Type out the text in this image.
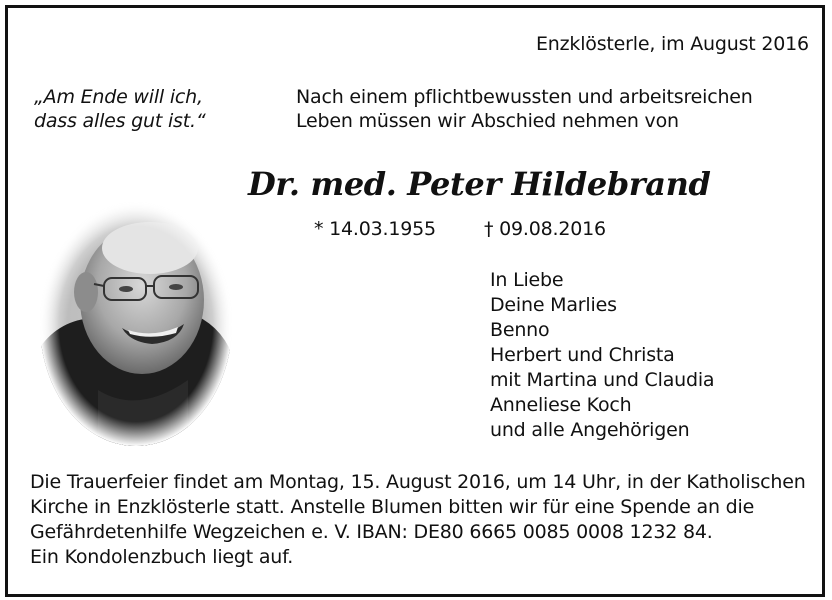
Enzklösterle, im August 2016
„Am Ende will ich,
dass alles gut ist.“
Nach einem pflichtbewussten und arbeitsreichen
Leben müssen wir Abschied nehmen von
Dr. med. Peter Hildebrand
* 14.03.1955	† 09.08.2016
In Liebe
Deine Marlies
Benno
Herbert und Christa
mit Martina und Claudia
Anneliese Koch
und alle Angehörigen
Die Trauerfeier findet am Montag, 15. August 2016, um 14 Uhr, in der Katholischen
Kirche in Enzklösterle statt. Anstelle Blumen bitten wir für eine Spende an die
Gefährdetenhilfe Wegzeichen e. V. IBAN: DE80 6665 0085 0008 1232 84.
Ein Kondolenzbuch liegt auf.
